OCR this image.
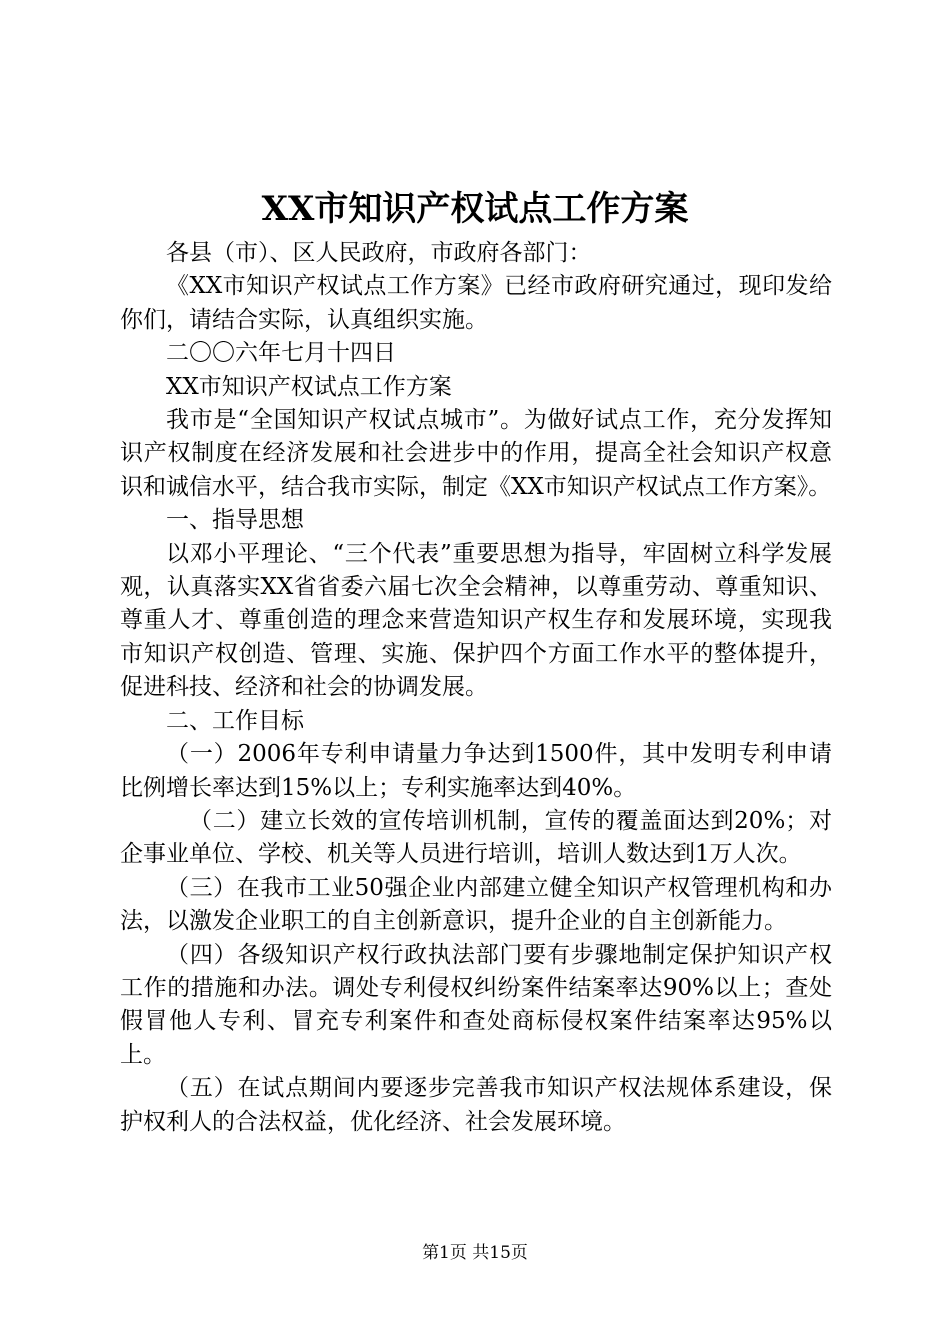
XX市知识产权试点工作方案

各县（市）、区人民政府，市政府各部门：

《XX市知识产权试点工作方案》已经市政府研究通过，现印发给你们，请结合实际，认真组织实施。

二〇〇六年七月十四日

XX市知识产权试点工作方案

我市是“全国知识产权试点城市”。为做好试点工作，充分发挥知识产权制度在经济发展和社会进步中的作用，提高全社会知识产权意识和诚信水平，结合我市实际，制定《XX市知识产权试点工作方案》。

一、指导思想

以邓小平理论、“三个代表”重要思想为指导，牢固树立科学发展观，认真落实XX省省委六届七次全会精神，以尊重劳动、尊重知识、尊重人才、尊重创造的理念来营造知识产权生存和发展环境，实现我市知识产权创造、管理、实施、保护四个方面工作水平的整体提升，促进科技、经济和社会的协调发展。

二、工作目标

（一）2006年专利申请量力争达到1500件，其中发明专利申请比例增长率达到15%以上；专利实施率达到40%。

（二）建立长效的宣传培训机制，宣传的覆盖面达到20%；对企事业单位、学校、机关等人员进行培训，培训人数达到1万人次。

（三）在我市工业50强企业内部建立健全知识产权管理机构和办法，以激发企业职工的自主创新意识，提升企业的自主创新能力。

（四）各级知识产权行政执法部门要有步骤地制定保护知识产权工作的措施和办法。调处专利侵权纠纷案件结案率达90%以上；查处假冒他人专利、冒充专利案件和查处商标侵权案件结案率达95%以上。

（五）在试点期间内要逐步完善我市知识产权法规体系建设，保护权利人的合法权益，优化经济、社会发展环境。

第1页 共15页
